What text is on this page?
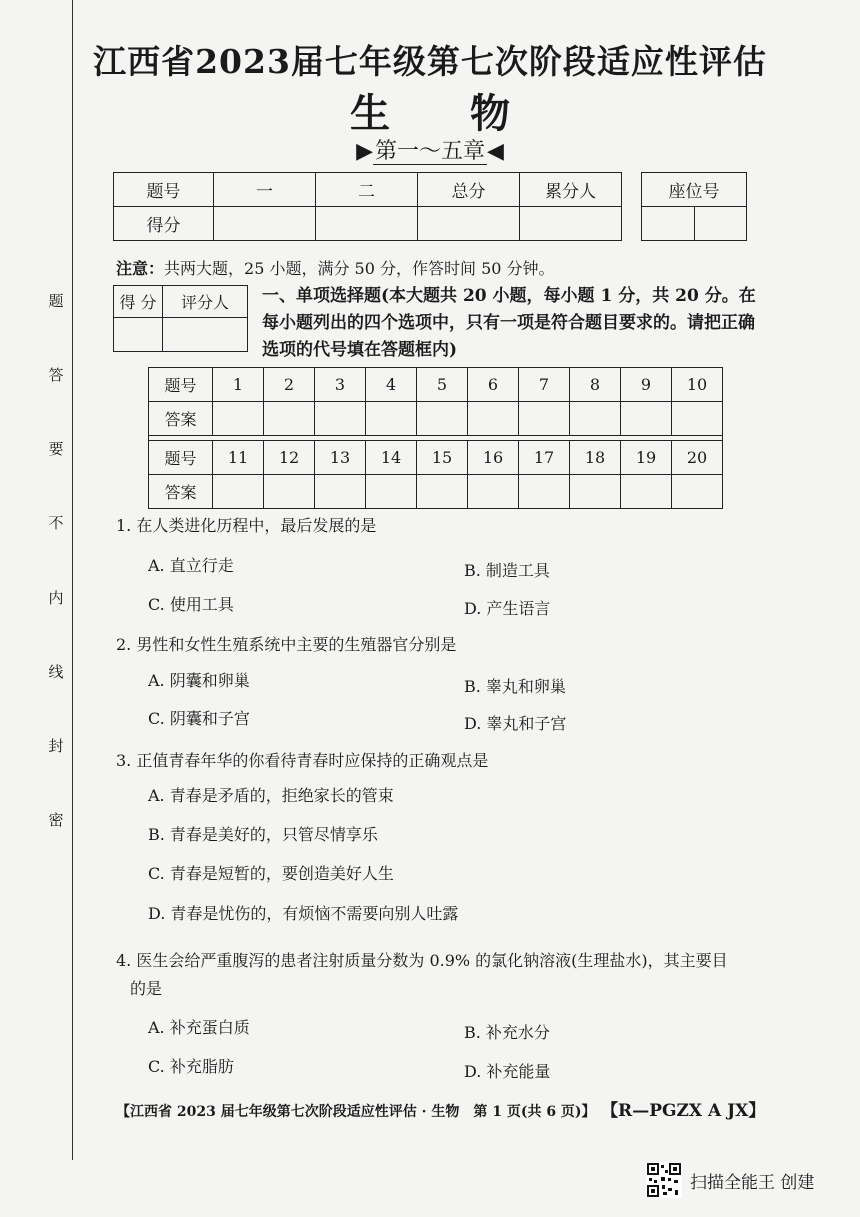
题
答
要
不
内
线
封
密
江西省2023届七年级第七次阶段适应性评估
生物
▶第一～五章◀
题号	一	二	总分	累分人
得分				
座位号

注意：共两大题，25 小题，满分 50 分，作答时间 50 分钟。
得 分	评分人
	一、单项选择题(本大题共 20 小题，每小题 1 分，共 20 分。在每小题列出的四个选项中，只有一项是符合题目要求的。请把正确选项的代号填在答题框内)
题号	1	2	3	4	5	6	7	8	9	10
答案										

题号	11	12	13	14	15	16	17	18	19	20
答案										
1. 在人类进化历程中，最后发展的是
A. 直立行走	B. 制造工具
C. 使用工具	D. 产生语言
2. 男性和女性生殖系统中主要的生殖器官分别是
A. 阴囊和卵巢	B. 睾丸和卵巢
C. 阴囊和子宫	D. 睾丸和子宫
3. 正值青春年华的你看待青春时应保持的正确观点是
A. 青春是矛盾的，拒绝家长的管束
B. 青春是美好的，只管尽情享乐
C. 青春是短暂的，要创造美好人生
D. 青春是忧伤的，有烦恼不需要向别人吐露
4. 医生会给严重腹泻的患者注射质量分数为 0.9% 的氯化钠溶液(生理盐水)，其主要目
的是
A. 补充蛋白质	B. 补充水分
C. 补充脂肪	D. 补充能量
【江西省 2023 届七年级第七次阶段适应性评估 · 生物　第 1 页(共 6 页)】 【R—PGZX A JX】
扫描全能王 创建
